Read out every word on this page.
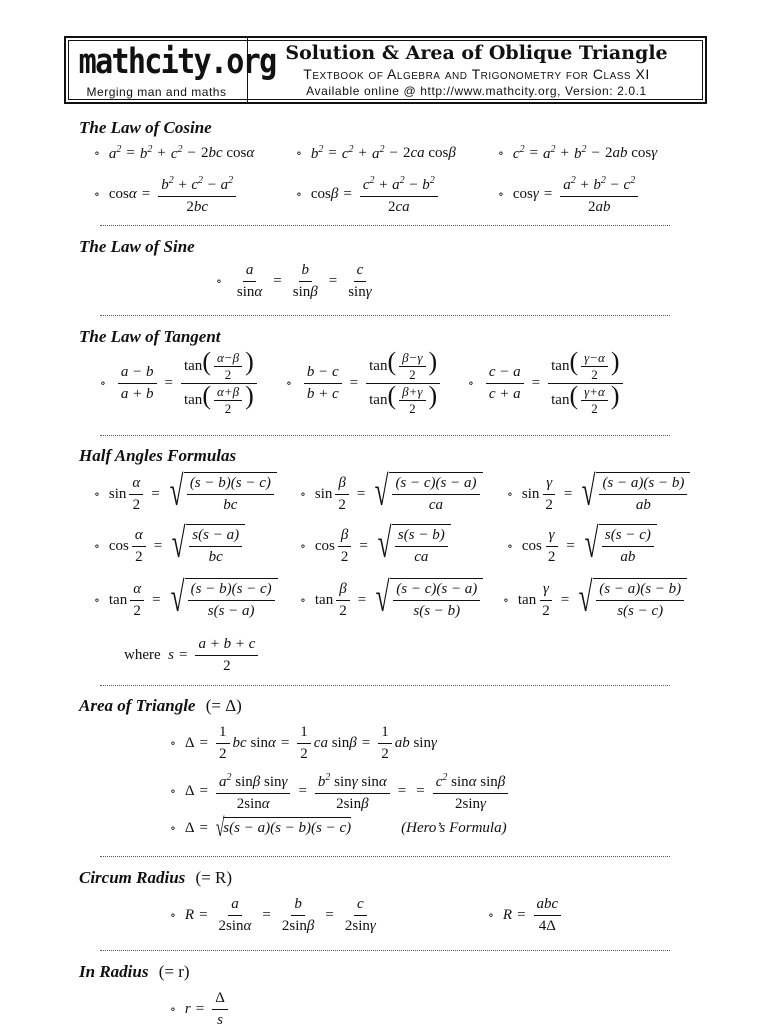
mathcity.org
Merging man and maths
Solution & Area of Oblique Triangle
Textbook of Algebra and Trigonometry for Class XI
Available online @ http://www.mathcity.org, Version: 2.0.1
The Law of Cosine
∘ $a^2 = b^2 + c^2 - 2$ bc cos α	∘ $b^2 = c^2 + a^2 - 2$ ca cos β	∘ $c^2 = a^2 + b^2 - 2$ ab cos γ
∘ $\cos \alpha = \frac{b^2 + c^2 - a^2}{2bc}$	∘ $\cos \beta = \frac{c^2 + a^2 - b^2}{2ca}$	∘ $\cos \gamma = \frac{a^2 + b^2 - c^2}{2ab}$
The Law of Sine
∘ $\frac{a}{\sin\alpha} = \frac{b}{\sin\beta} = \frac{c}{\sin\gamma}$
The Law of Tangent
∘ $\frac{a - b}{a + b} = \frac{\tan( \frac{\alpha-\beta}{2} )}{\tan( \frac{\alpha+\beta}{2} )}$ ∘ $\frac{b - c}{b + c} = \frac{\tan( \frac{\beta-\gamma}{2} )}{\tan( \frac{\beta+\gamma}{2} )}$ ∘ $\frac{c - a}{c + a} = \frac{\tan( \frac{\gamma-\alpha}{2} )}{\tan( \frac{\gamma+\alpha}{2} )}$
Half Angles Formulas
∘ $\sin \frac{\alpha}{2}$ = √ $\frac{(s - b)(s - c)}{bc}$ ∘ $\sin \frac{\beta}{2}$ = √ $\frac{(s - c)(s - a)}{ca}$ ∘ $\sin \frac{\gamma}{2}$ = √ $\frac{(s - a)(s - b)}{ab}$
∘ $\cos \frac{\alpha}{2}$ = √ $\frac{s(s - a)}{bc}$	∘ $\cos \frac{\beta}{2}$ = √ $\frac{s(s - b)}{ca}$	∘ $\cos \frac{\gamma}{2}$ = √ $\frac{s(s - c)}{ab}$
∘ $\tan \frac{\alpha}{2}$ = √ $\frac{(s - b)(s - c)}{s(s - a)}$ ∘ $\tan \frac{\beta}{2}$ = √ $\frac{(s - c)(s - a)}{s(s - b)}$ ∘ $\tan \frac{\gamma}{2}$ = √ $\frac{(s - a)(s - b)}{s(s - c)}$
where
$s = \frac{a + b + c}{2}$
Area of Triangle (= Δ)
∘ $\Delta = \frac{1}{2}$ bc $\sin \alpha = \frac{1}{2}$ ca $\sin \beta = \frac{1}{2}$ ab sin γ
∘ $\Delta = \frac{a^2 \sin\beta \sin\gamma}{2\sin\alpha} = \frac{b^2 \sin\gamma \sin\alpha}{2\sin\beta}$ = = $\frac{c^2 \sin\alpha \sin\beta}{2\sin\gamma}$
∘ Δ = √
s(s − a)(s − b)(s − c)	(Hero’s Formula)
Circum Radius (= R)
∘ $R = \frac{a}{2\sin\alpha} = \frac{b}{2\sin\beta} = \frac{c}{2\sin\gamma}$	∘ $R = \frac{\text{abc}}{4\Delta}$
In Radius (= r)
∘ $r = \frac{\Delta}{s}$
